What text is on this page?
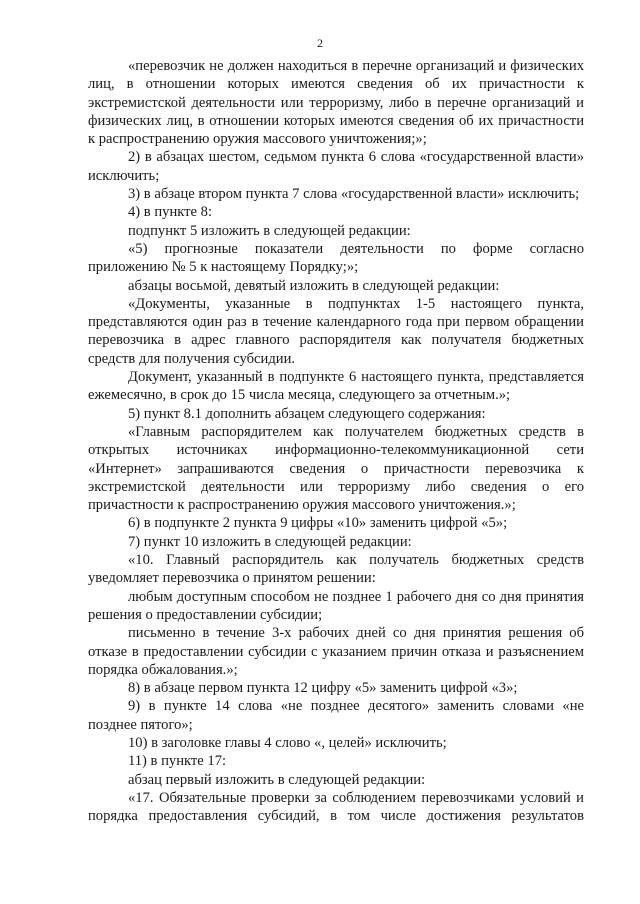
2

«перевозчик не должен находиться в перечне организаций и физических лиц, в отношении которых имеются сведения об их причастности к экстремистской деятельности или терроризму, либо в перечне организаций и физических лиц, в отношении которых имеются сведения об их причастности к распространению оружия массового уничтожения;»;

2) в абзацах шестом, седьмом пункта 6 слова «государственной власти» исключить;

3) в абзаце втором пункта 7 слова «государственной власти» исключить;

4) в пункте 8:

подпункт 5 изложить в следующей редакции:

«5) прогнозные показатели деятельности по форме согласно приложению № 5 к настоящему Порядку;»;

абзацы восьмой, девятый изложить в следующей редакции:

«Документы, указанные в подпунктах 1-5 настоящего пункта, представляются один раз в течение календарного года при первом обращении перевозчика в адрес главного распорядителя как получателя бюджетных средств для получения субсидии.

Документ, указанный в подпункте 6 настоящего пункта, представляется ежемесячно, в срок до 15 числа месяца, следующего за отчетным.»;

5) пункт 8.1 дополнить абзацем следующего содержания:

«Главным распорядителем как получателем бюджетных средств в открытых источниках информационно-телекоммуникационной сети «Интернет» запрашиваются сведения о причастности перевозчика к экстремистской деятельности или терроризму либо сведения о его причастности к распространению оружия массового уничтожения.»;

6) в подпункте 2 пункта 9 цифры «10» заменить цифрой «5»;

7) пункт 10 изложить в следующей редакции:

«10. Главный распорядитель как получатель бюджетных средств уведомляет перевозчика о принятом решении:

любым доступным способом не позднее 1 рабочего дня со дня принятия решения о предоставлении субсидии;

письменно в течение 3-х рабочих дней со дня принятия решения об отказе в предоставлении субсидии с указанием причин отказа и разъяснением порядка обжалования.»;

8) в абзаце первом пункта 12 цифру «5» заменить цифрой «3»;

9) в пункте 14 слова «не позднее десятого» заменить словами «не позднее пятого»;

10) в заголовке главы 4 слово «, целей» исключить;

11) в пункте 17:

абзац первый изложить в следующей редакции:

«17. Обязательные проверки за соблюдением перевозчиками условий и порядка предоставления субсидий, в том числе достижения результатов
